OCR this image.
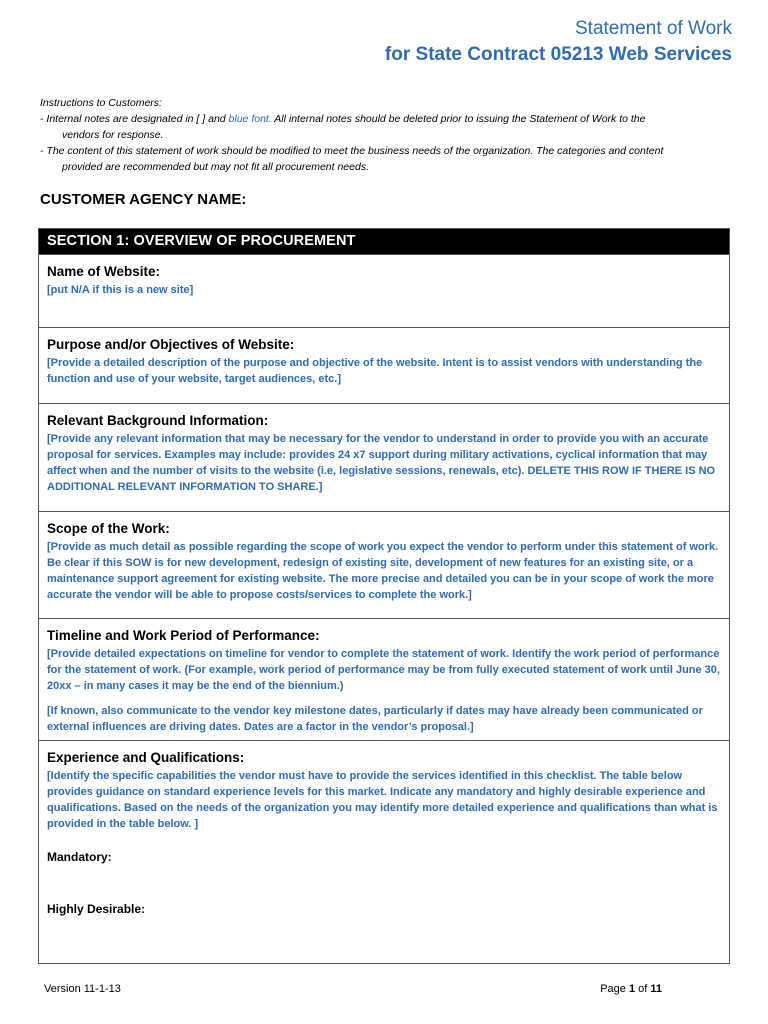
Statement of Work
for State Contract 05213 Web Services
Instructions to Customers:
- Internal notes are designated in [ ] and blue font. All internal notes should be deleted prior to issuing the Statement of Work to the
vendors for response.
- The content of this statement of work should be modified to meet the business needs of the organization. The categories and content
provided are recommended but may not fit all procurement needs.
CUSTOMER AGENCY NAME:
SECTION 1: OVERVIEW OF PROCUREMENT
Name of Website:
[put N/A if this is a new site]
Purpose and/or Objectives of Website:
[Provide a detailed description of the purpose and objective of the website. Intent is to assist vendors with understanding the function and use of your website, target audiences, etc.]
Relevant Background Information:
[Provide any relevant information that may be necessary for the vendor to understand in order to provide you with an accurate proposal for services. Examples may include: provides 24 x7 support during military activations, cyclical information that may affect when and the number of visits to the website (i.e, legislative sessions, renewals, etc). DELETE THIS ROW IF THERE IS NO ADDITIONAL RELEVANT INFORMATION TO SHARE.]
Scope of the Work:
[Provide as much detail as possible regarding the scope of work you expect the vendor to perform under this statement of work. Be clear if this SOW is for new development, redesign of existing site, development of new features for an existing site, or a maintenance support agreement for existing website. The more precise and detailed you can be in your scope of work the more accurate the vendor will be able to propose costs/services to complete the work.]
Timeline and Work Period of Performance:
[Provide detailed expectations on timeline for vendor to complete the statement of work. Identify the work period of performance for the statement of work. (For example, work period of performance may be from fully executed statement of work until June 30, 20xx – in many cases it may be the end of the biennium.)
[If known, also communicate to the vendor key milestone dates, particularly if dates may have already been communicated or external influences are driving dates. Dates are a factor in the vendor’s proposal.]
Experience and Qualifications:
[Identify the specific capabilities the vendor must have to provide the services identified in this checklist. The table below provides guidance on standard experience levels for this market. Indicate any mandatory and highly desirable experience and qualifications. Based on the needs of the organization you may identify more detailed experience and qualifications than what is provided in the table below. ]
Mandatory:
Highly Desirable:
Version 11-1-13	Page 1 of 11
